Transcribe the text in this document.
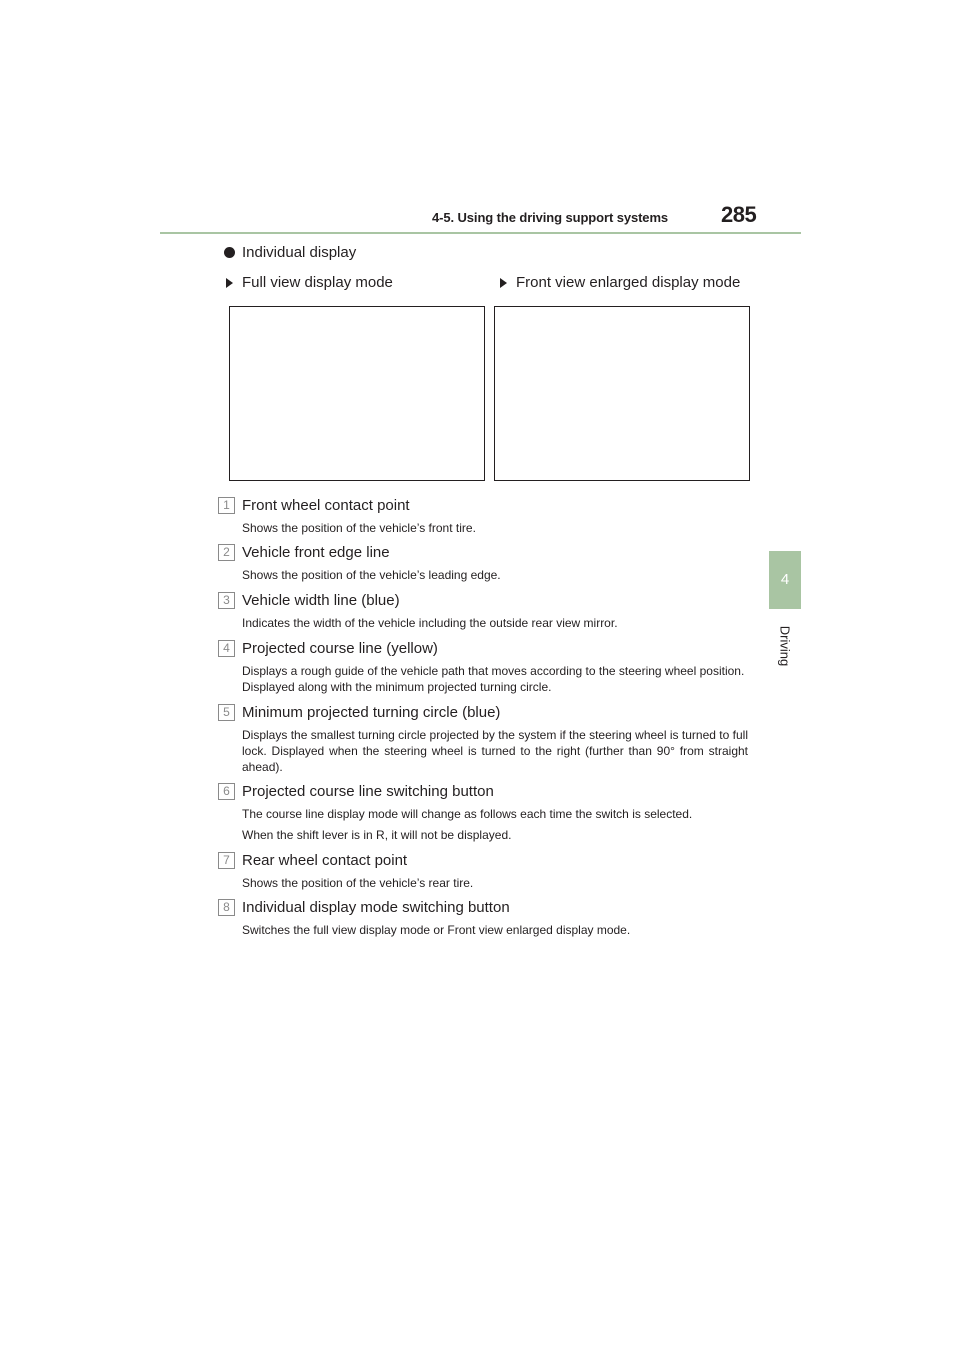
4-5. Using the driving support systems 285
4
Driving
Individual display
Full view display mode	Front view enlarged display mode
1 Front wheel contact point

Shows the position of the vehicle’s front tire.

2 Vehicle front edge line

Shows the position of the vehicle’s leading edge.

3 Vehicle width line (blue)

Indicates the width of the vehicle including the outside rear view mirror.

4 Projected course line (yellow)

Displays a rough guide of the vehicle path that moves according to the steering wheel position. Displayed along with the minimum projected turning circle.

5 Minimum projected turning circle (blue)

Displays the smallest turning circle projected by the system if the steering wheel is turned to full lock. Displayed when the steering wheel is turned to the right (further than 90° from straight ahead).

6 Projected course line switching button

The course line display mode will change as follows each time the switch is selected.

When the shift lever is in R, it will not be displayed.

7 Rear wheel contact point

Shows the position of the vehicle’s rear tire.

8 Individual display mode switching button

Switches the full view display mode or Front view enlarged display mode.
